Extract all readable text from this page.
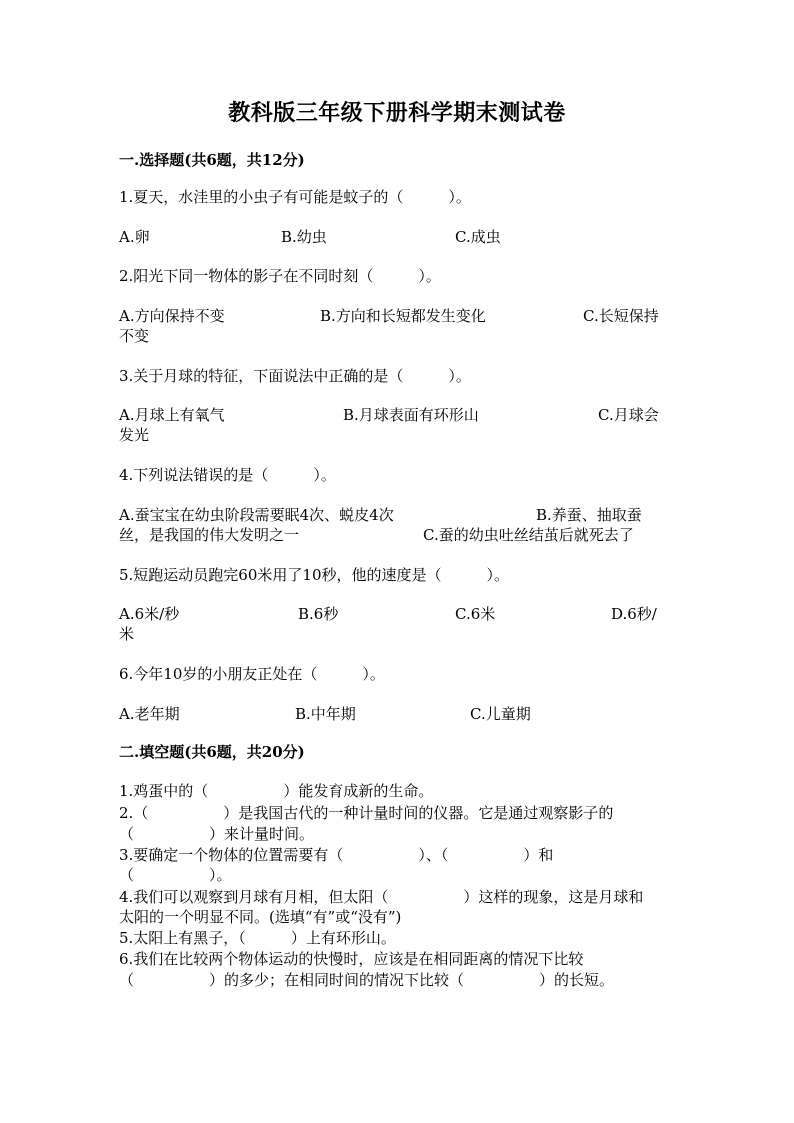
教科版三年级下册科学期末测试卷
一.选择题(共6题，共12分)
1.夏天，水洼里的小虫子有可能是蚊子的（　　　）。
A.卵	B.幼虫	C.成虫
2.阳光下同一物体的影子在不同时刻（　　　）。
A.方向保持不变	B.方向和长短都发生变化	C.长短保持
不变
3.关于月球的特征，下面说法中正确的是（　　　）。
A.月球上有氧气	B.月球表面有环形山	C.月球会
发光
4.下列说法错误的是（　　　）。
A.蚕宝宝在幼虫阶段需要眠4次、蜕皮4次	B.养蚕、抽取蚕
丝，是我国的伟大发明之一	C.蚕的幼虫吐丝结茧后就死去了
5.短跑运动员跑完60米用了10秒，他的速度是（　　　）。
A.6米/秒	B.6秒	C.6米	D.6秒/
米
6.今年10岁的小朋友正处在（　　　）。
A.老年期	B.中年期	C.儿童期
二.填空题(共6题，共20分)
1.鸡蛋中的（　　　　　）能发育成新的生命。
2.（　　　　　）是我国古代的一种计量时间的仪器。它是通过观察影子的
（　　　　　）来计量时间。
3.要确定一个物体的位置需要有（　　　　　）、（　　　　　）和
（　　　　　）。
4.我们可以观察到月球有月相，但太阳（　　　　　）这样的现象，这是月球和
太阳的一个明显不同。(选填“有”或“没有”)
5.太阳上有黑子，（　　　）上有环形山。
6.我们在比较两个物体运动的快慢时，应该是在相同距离的情况下比较
（　　　　　）的多少；在相同时间的情况下比较（　　　　　）的长短。
